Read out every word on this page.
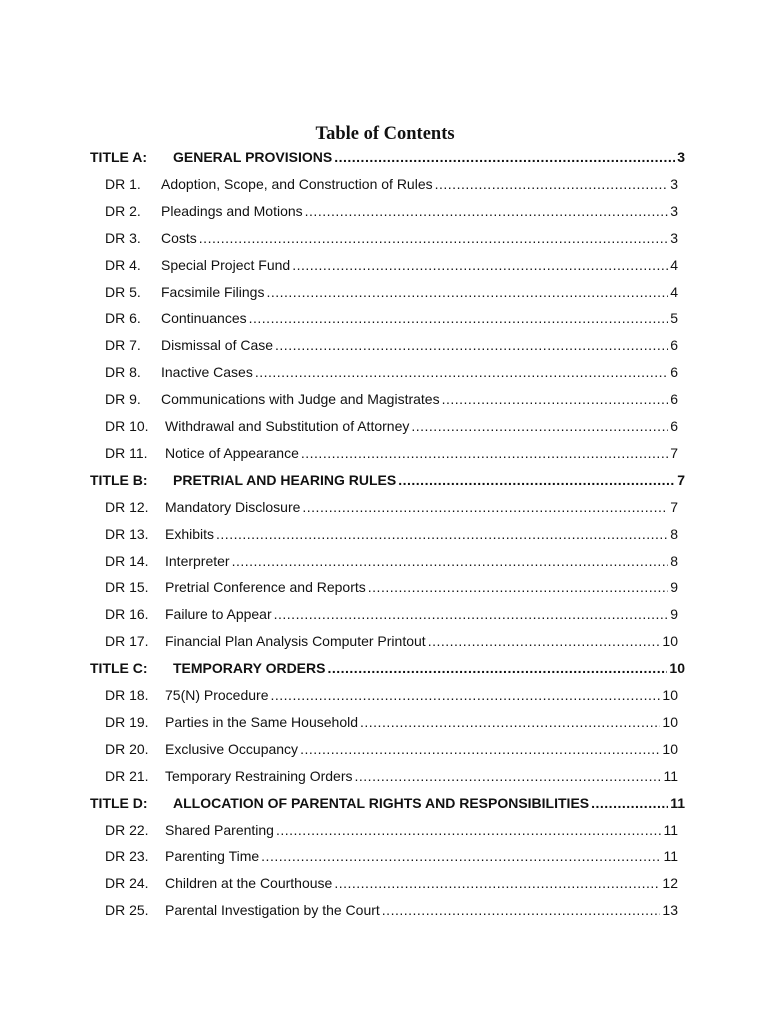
Table of Contents
TITLE A:	GENERAL PROVISIONS .....	3
DR 1.	Adoption, Scope, and Construction of Rules .....	3
DR 2.	Pleadings and Motions .....	3
DR 3.	Costs .....	3
DR 4.	Special Project Fund .....	4
DR 5.	Facsimile Filings .....	4
DR 6.	Continuances .....	5
DR 7.	Dismissal of Case .....	6
DR 8.	Inactive Cases .....	6
DR 9.	Communications with Judge and Magistrates .....	6
DR 10.	Withdrawal and Substitution of Attorney .....	6
DR 11.	Notice of Appearance .....	7
TITLE B:	PRETRIAL AND HEARING RULES .....	7
DR 12.	Mandatory Disclosure .....	7
DR 13.	Exhibits .....	8
DR 14.	Interpreter .....	8
DR 15.	Pretrial Conference and Reports .....	9
DR 16.	Failure to Appear .....	9
DR 17.	Financial Plan Analysis Computer Printout .....	10
TITLE C:	TEMPORARY ORDERS .....	10
DR 18.	75(N) Procedure .....	10
DR 19.	Parties in the Same Household .....	10
DR 20.	Exclusive Occupancy .....	10
DR 21.	Temporary Restraining Orders .....	11
TITLE D:	ALLOCATION OF PARENTAL RIGHTS AND RESPONSIBILITIES .....	11
DR 22.	Shared Parenting .....	11
DR 23.	Parenting Time .....	11
DR 24.	Children at the Courthouse .....	12
DR 25.	Parental Investigation by the Court .....	13
